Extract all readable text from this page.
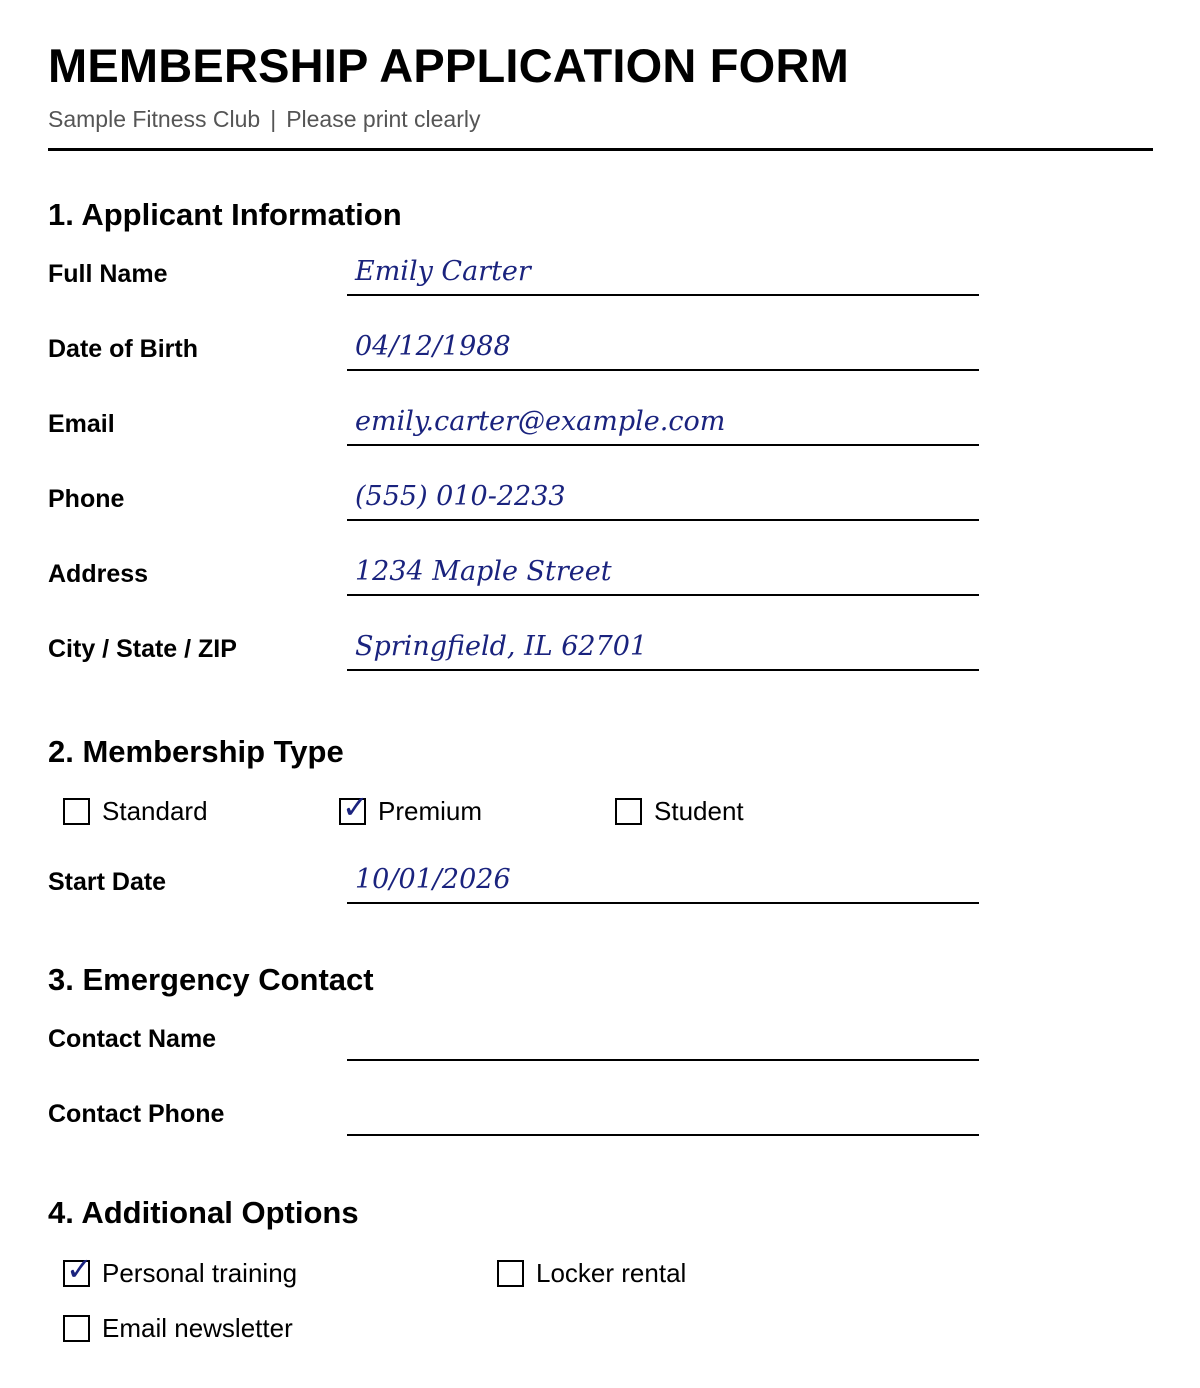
MEMBERSHIP APPLICATION FORM
Sample Fitness Club | Please print clearly
1. Applicant Information
Full Name	Emily Carter
Date of Birth	04/12/1988
Email	emily.carter@example.com
Phone	(555) 010-2233
Address	1234 Maple Street
City / State / ZIP	Springfield, IL 62701
2. Membership Type
Standard	✓ Premium	Student
Start Date	10/01/2026
3. Emergency Contact
Contact Name
Contact Phone
4. Additional Options
✓ Personal training	Locker rental
Email newsletter
